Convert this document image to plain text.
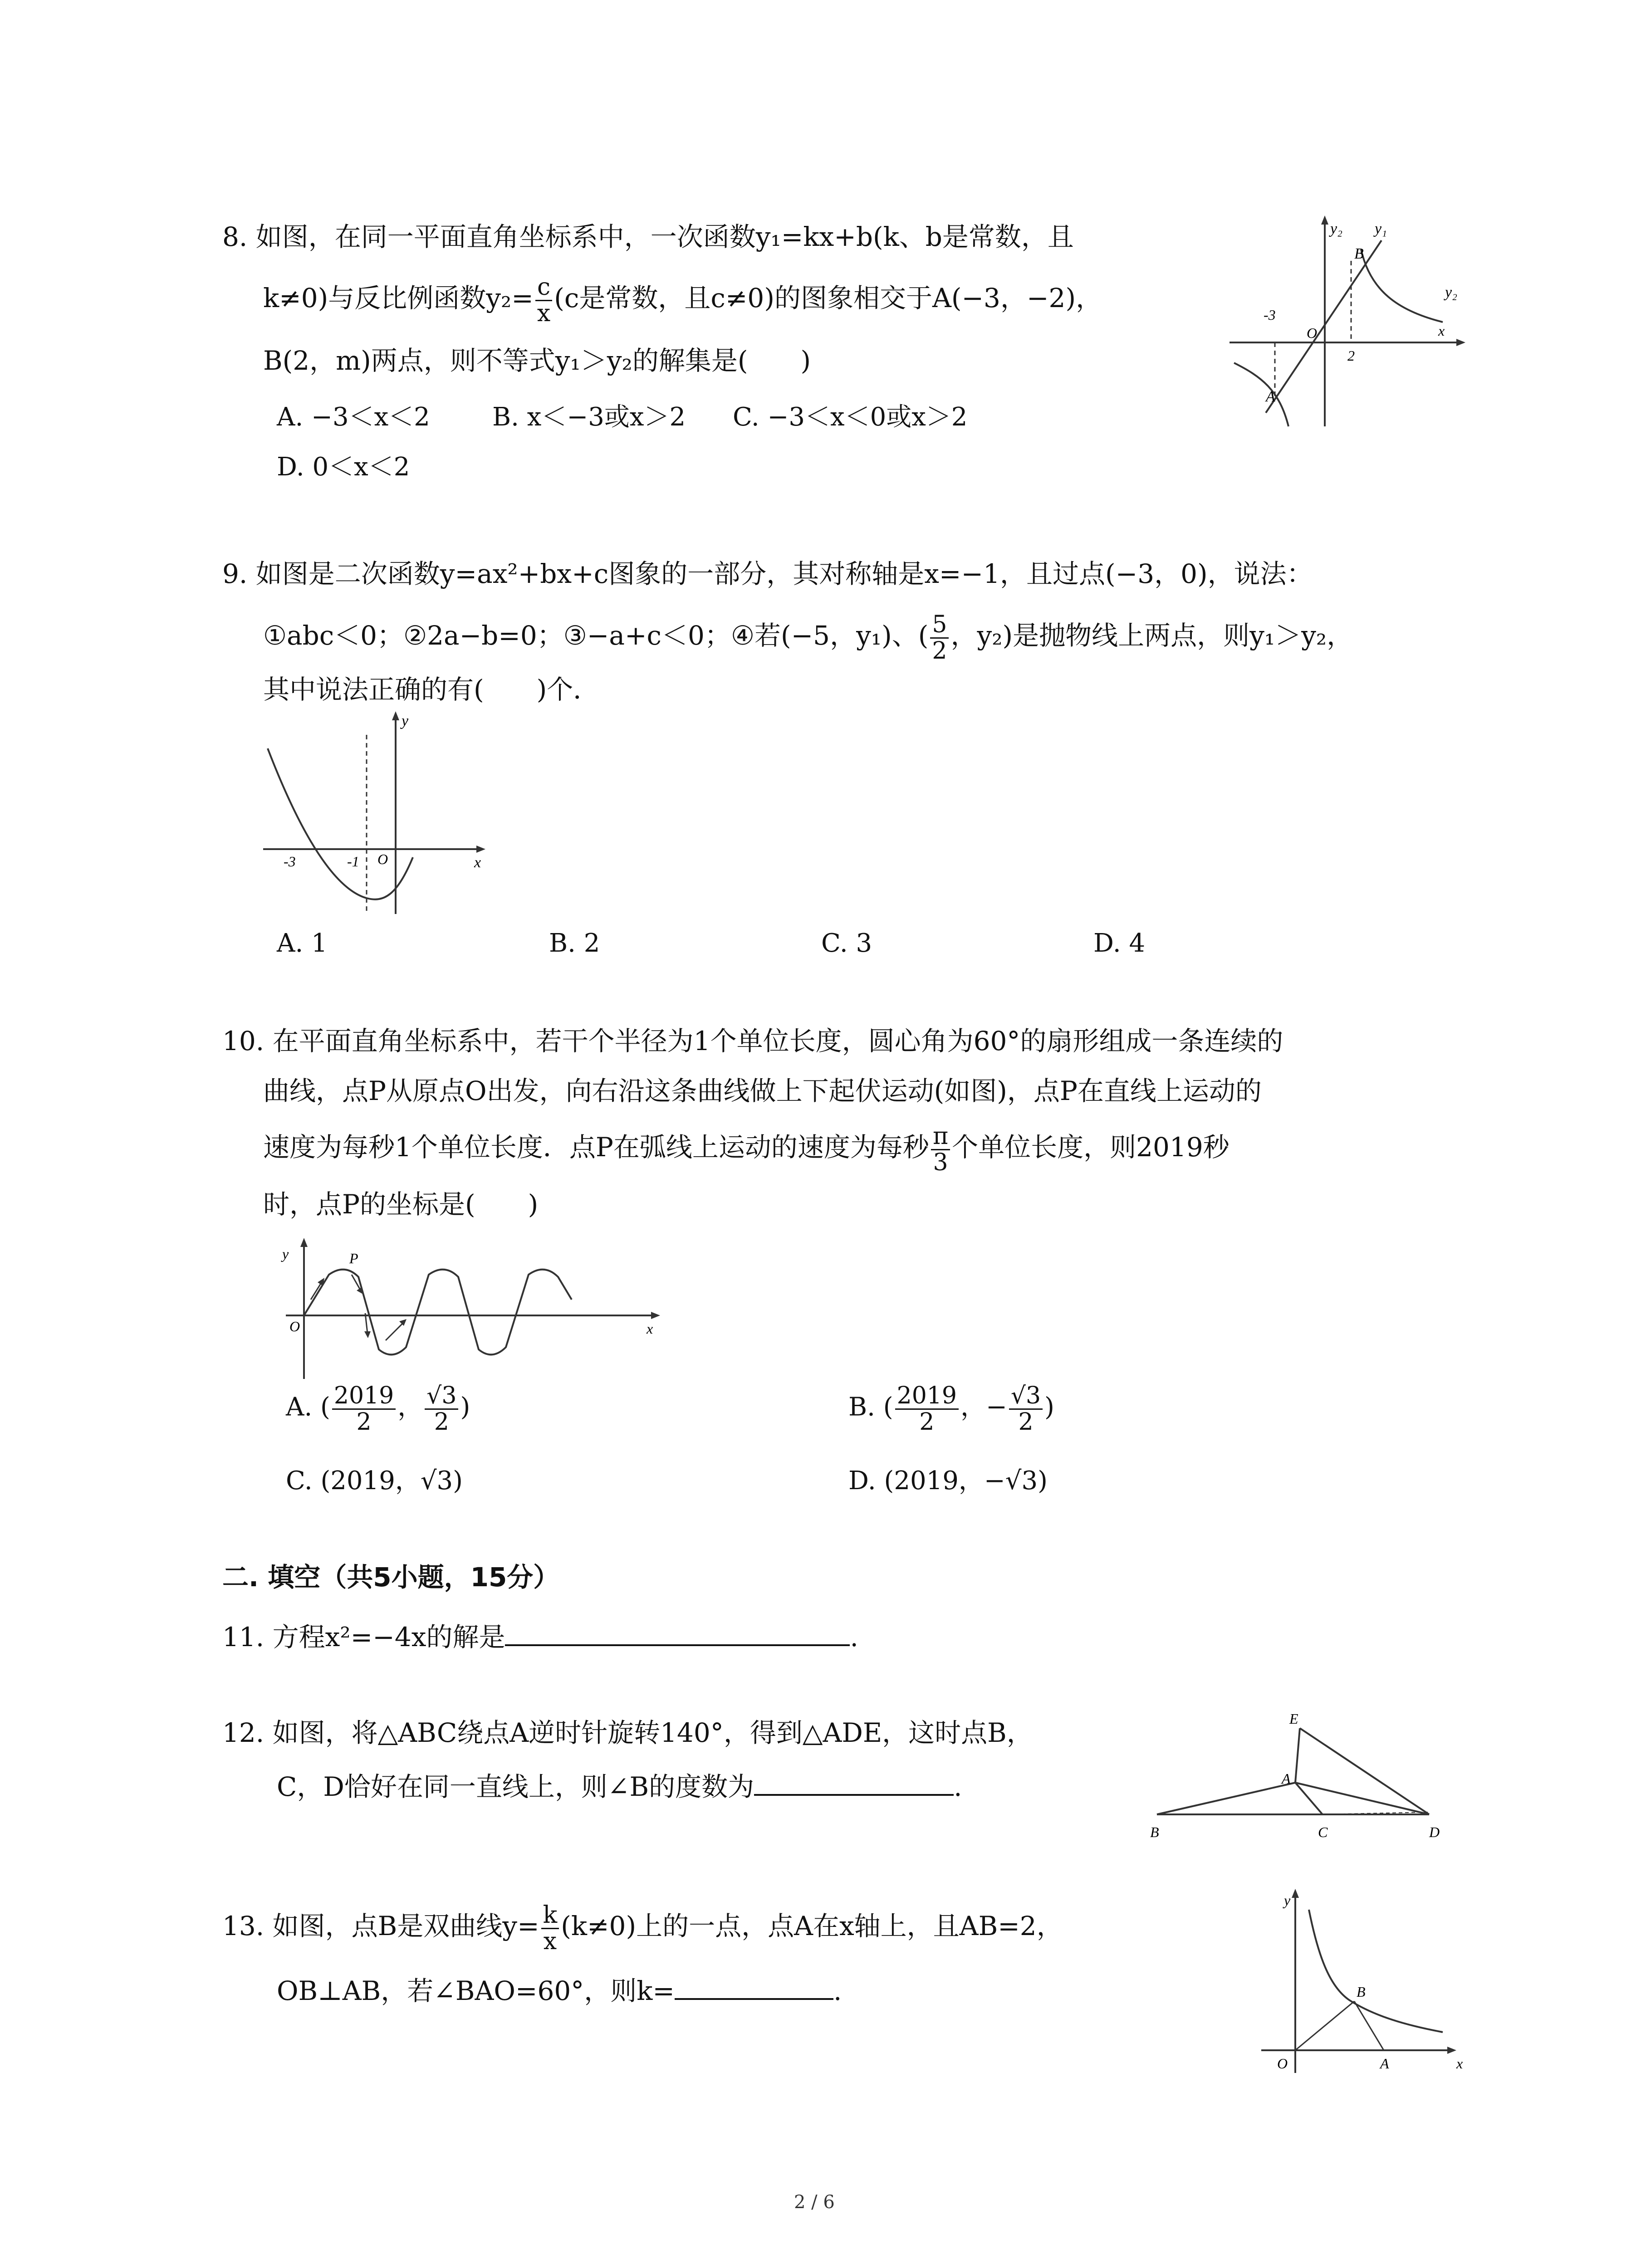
8. 如图，在同一平面直角坐标系中，一次函数y₁=kx+b(k、b是常数，且
k≠0)与反比例函数$y_2= \frac{c}{x} (c$是常数，且c≠0)的图象相交于A(−3，−2)，
B(2，m)两点，则不等式y₁＞y₂的解集是(　　)
A. −3＜x＜2 B. x＜−3或x＞2 C. −3＜x＜0或x＞2
D. 0＜x＜2
y₂ y₁
y₂
B
A
-3
O
2
x
9. 如图是二次函数y=ax²+bx+c图象的一部分，其对称轴是x=−1，且过点(−3，0)，说法：
①abc＜0；②2a−b=0；③−a+c＜0；④若(−5，y₁)、( $\frac{5}{2}$ ，y₂)是抛物线上两点，则y₁＞y₂，
其中说法正确的有(　　)个．
y
x
-3	-1 O
A. 1	B. 2	C. 3	D. 4
10. 在平面直角坐标系中，若干个半径为1个单位长度，圆心角为60°的扇形组成一条连续的
曲线，点P从原点O出发，向右沿这条曲线做上下起伏运动(如图)，点P在直线上运动的
速度为每秒1个单位长度．点P在弧线上运动的速度为每秒 $\frac{\pi}{3}$ 个单位长度，则2019秒
时，点P的坐标是(　　)
y
x
O
P
A. ( $\frac{2019}{2}$ ， $\frac{√3}{2}$ )	B. ( $\frac{2019}{2}$ ，− $\frac{√3}{2}$ )
C. (2019，√3)	D. (2019，−√3)
二. 填空（共5小题，15分）
11. 方程x²=−4x的解是	.
12. 如图，将△ABC绕点A逆时针旋转140°，得到△ADE，这时点B，
C，D恰好在同一直线上，则∠B的度数为	.
E
A
B	C	D
13. 如图，点B是双曲线$y= \frac{k}{x} (k\ne 0)$上的一点，点A在x轴上，且AB=2，
OB⊥AB，若∠BAO=60°，则k=	.
y
x
B
O	A
2 / 6
